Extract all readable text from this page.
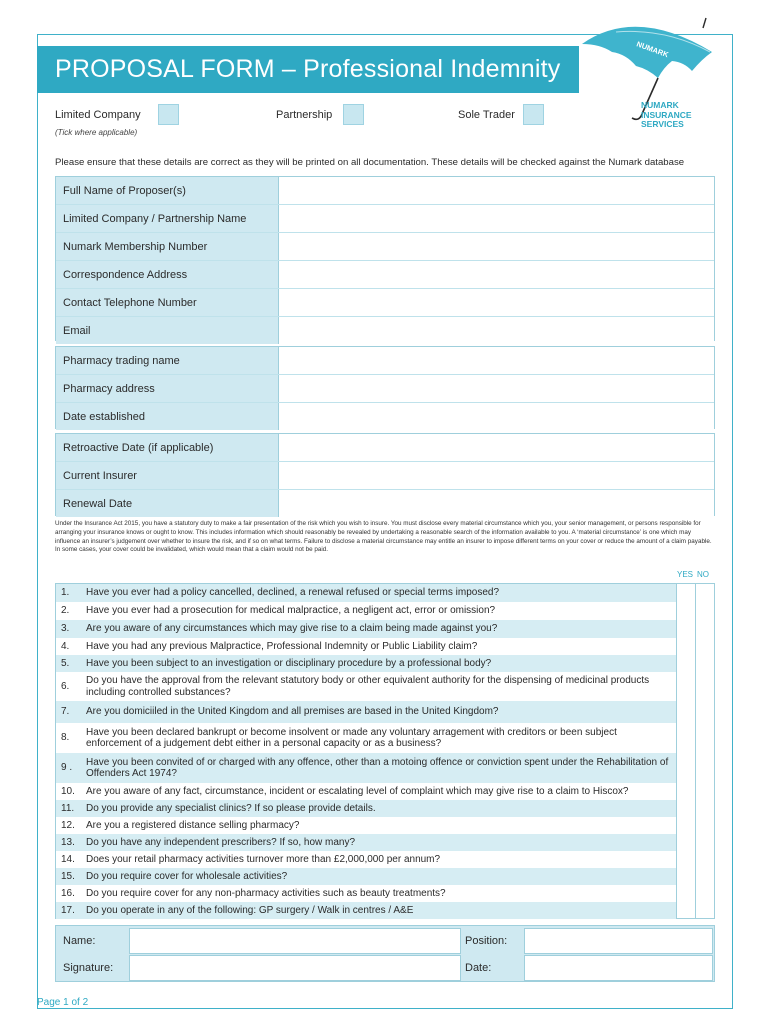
PROPOSAL FORM – Professional Indemnity
NUMARK
NUMARK
INSURANCE
SERVICES
Limited Company	Partnership	Sole Trader
(Tick where applicable)
Please ensure that these details are correct as they will be printed on all documentation. These details will be checked against the Numark database
Full Name of Proposer(s)
Limited Company / Partnership Name
Numark Membership Number
Correspondence Address
Contact Telephone Number
Email
Pharmacy trading name
Pharmacy address
Date established
Retroactive Date (if applicable)
Current Insurer
Renewal Date
Under the Insurance Act 2015, you have a statutory duty to make a fair presentation of the risk which you wish to insure. You must disclose every material circumstance which you, your senior management, or persons responsible for arranging your insurance knows or ought to know. This includes information which should reasonably be revealed by undertaking a reasonable search of the information available to you. A ‘material circumstance’ is one which may influence an insurer’s judgement over whether to insure the risk, and if so on what terms. Failure to disclose a material circumstance may entitle an insurer to impose different terms on your cover or reduce the amount of a claim payable. In some cases, your cover could be invalidated, which would mean that a claim would not be paid.
YES NO
1.	Have you ever had a policy cancelled, declined, a renewal refused or special terms imposed?
2.	Have you ever had a prosecution for medical malpractice, a negligent act, error or omission?
3.	Are you aware of any circumstances which may give rise to a claim being made against you?
4.	Have you had any previous Malpractice, Professional Indemnity or Public Liability claim?
5.	Have you been subject to an investigation or disciplinary procedure by a professional body?
6.
Do you have the approval from the relevant statutory body or other equivalent authority for the dispensing of medicinal products including controlled substances?
7.	Are you domiciiled in the United Kingdom and all premises are based in the United Kingdom?
8.
Have you been declared bankrupt or become insolvent or made any voluntary arragement with creditors or been subject enforcement of a judgement debt either in a personal capacity or as a business?
9 .
Have you been convited of or charged with any offence, other than a motoing offence or conviction spent under the Rehabilitation of Offenders Act 1974?
10.	Are you aware of any fact, circumstance, incident or escalating level of complaint which may give rise to a claim to Hiscox?
11.	Do you provide any specialist clinics? If so please provide details.
12.	Are you a registered distance selling pharmacy?
13.	Do you have any independent prescribers? If so, how many?
14.	Does your retail pharmacy activities turnover more than £2,000,000 per annum?
15.	Do you require cover for wholesale activities?
16.	Do you require cover for any non-pharmacy activities such as beauty treatments?
17.	Do you operate in any of the following: GP surgery / Walk in centres / A&E
Name:	Position:
Signature:	Date:
Page 1 of 2
